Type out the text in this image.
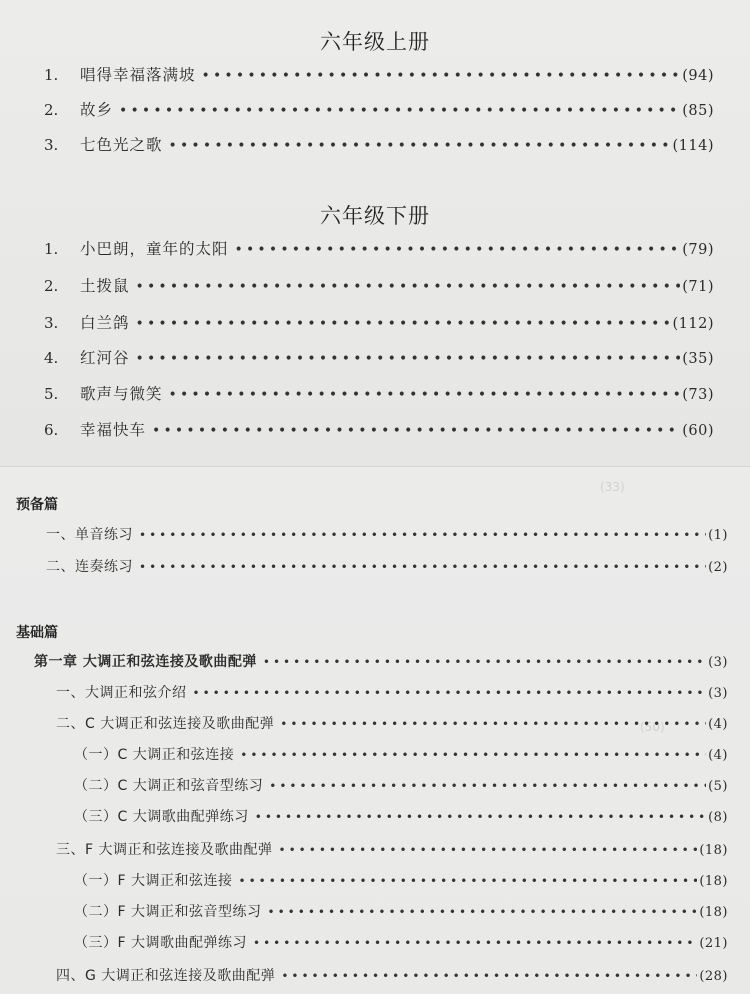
(33)
(50)
六年级上册
1.	唱得幸福落满坡 •••••	(94)
2.	故乡 •••••	(85)
3.	七色光之歌 •••••	(114)
六年级下册
1.	小巴朗，童年的太阳 •••••	(79)
2.	土拨鼠 •••••	(71)
3.	白兰鸽 •••••	(112)
4.	红河谷 •••••	(35)
5.	歌声与微笑 •••••	(73)
6.	幸福快车 •••••	(60)
预备篇
一、单音练习 •••••	(1)
二、连奏练习 •••••	(2)
基础篇
第一章 大调正和弦连接及歌曲配弹 •••••	(3)
一、大调正和弦介绍 •••••	(3)
二、C 大调正和弦连接及歌曲配弹 •••••	(4)
（一）C 大调正和弦连接 •••••	(4)
（二）C 大调正和弦音型练习 •••••	(5)
（三）C 大调歌曲配弹练习 •••••	(8)
三、F 大调正和弦连接及歌曲配弹 •••••	(18)
（一）F 大调正和弦连接 •••••	(18)
（二）F 大调正和弦音型练习 •••••	(18)
（三）F 大调歌曲配弹练习 •••••	(21)
四、G 大调正和弦连接及歌曲配弹 •••••	(28)
